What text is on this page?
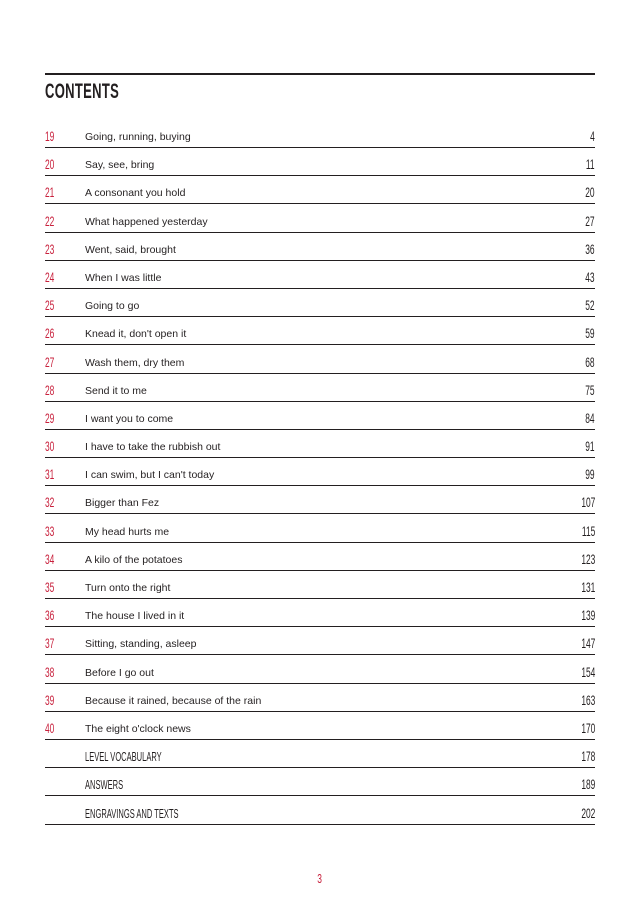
CONTENTS
19	Going, running, buying	4
20	Say, see, bring	11
21	A consonant you hold	20
22	What happened yesterday	27
23	Went, said, brought	36
24	When I was little	43
25	Going to go	52
26	Knead it, don't open it	59
27	Wash them, dry them	68
28	Send it to me	75
29	I want you to come	84
30	I have to take the rubbish out	91
31	I can swim, but I can't today	99
32	Bigger than Fez	107
33	My head hurts me	115
34	A kilo of the potatoes	123
35	Turn onto the right	131
36	The house I lived in it	139
37	Sitting, standing, asleep	147
38	Before I go out	154
39	Because it rained, because of the rain	163
40	The eight o'clock news	170
LEVEL VOCABULARY	178
ANSWERS	189
ENGRAVINGS AND TEXTS	202
3
